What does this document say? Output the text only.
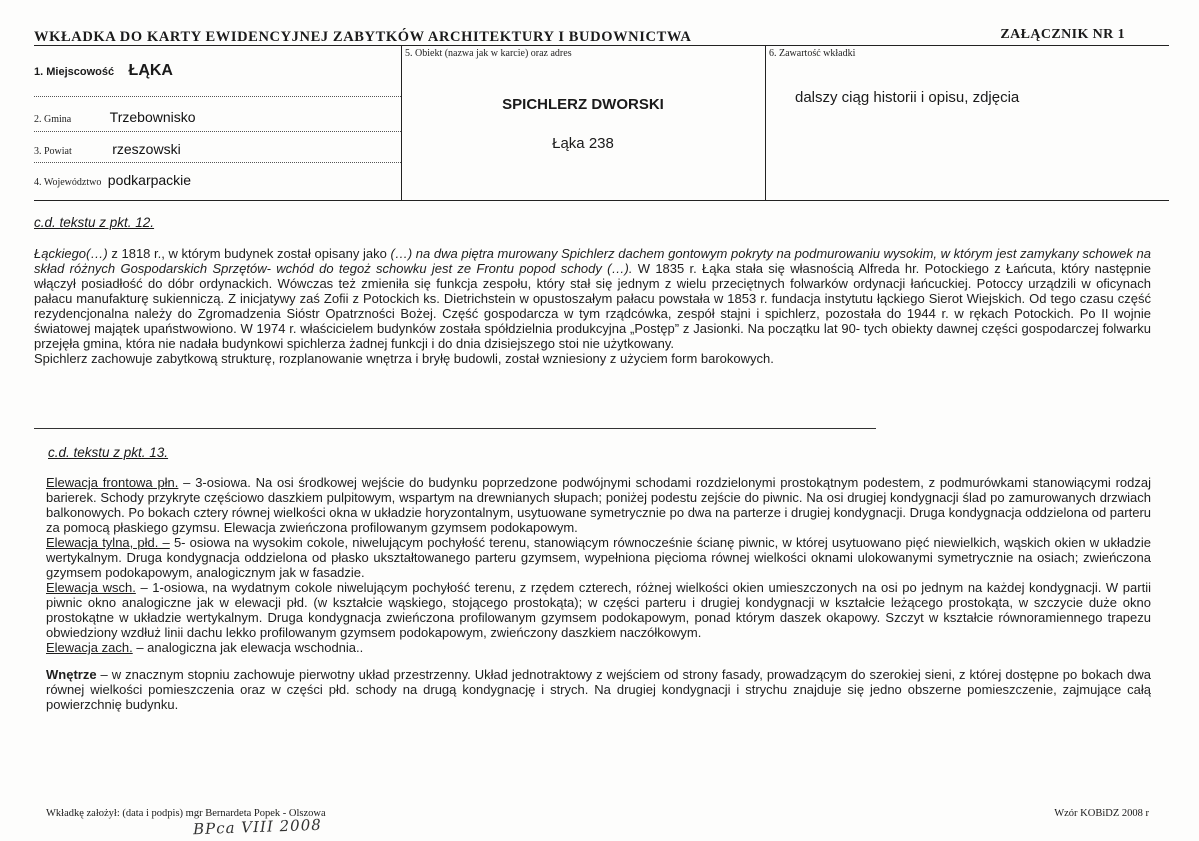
WKŁADKA DO KARTY EWIDENCYJNEJ ZABYTKÓW ARCHITEKTURY I BUDOWNICTWA	ZAŁĄCZNIK NR 1
1. Miejscowość ŁĄKA
2. Gmina	Trzebownisko
3. Powiat	rzeszowski
4. Województwo podkarpackie
5. Obiekt (nazwa jak w karcie) oraz adres
SPICHLERZ DWORSKI
Łąka 238
6. Zawartość wkładki
dalszy ciąg historii i opisu, zdjęcia
c.d. tekstu z pkt. 12.

Łąckiego(…) z 1818 r., w którym budynek został opisany jako (…) na dwa piętra murowany Spichlerz dachem gontowym pokryty na podmurowaniu wysokim, w którym jest zamykany schowek na skład różnych Gospodarskich Sprzętów- wchód do tegoż schowku jest ze Frontu popod schody (…). W 1835 r. Łąka stała się własnością Alfreda hr. Potockiego z Łańcuta, który następnie włączył posiadłość do dóbr ordynackich. Wówczas też zmieniła się funkcja zespołu, który stał się jednym z wielu przeciętnych folwarków ordynacji łańcuckiej. Potoccy urządzili w oficynach pałacu manufakturę sukienniczą. Z inicjatywy zaś Zofii z Potockich ks. Dietrichstein w opustoszałym pałacu powstała w 1853 r. fundacja instytutu łąckiego Sierot Wiejskich. Od tego czasu część rezydencjonalna należy do Zgromadzenia Sióstr Opatrzności Bożej. Część gospodarcza w tym rządcówka, zespół stajni i spichlerz, pozostała do 1944 r. w rękach Potockich. Po II wojnie światowej majątek upaństwowiono. W 1974 r. właścicielem budynków została spółdzielnia produkcyjna „Postęp” z Jasionki. Na początku lat 90- tych obiekty dawnej części gospodarczej folwarku przejęła gmina, która nie nadała budynkowi spichlerza żadnej funkcji i do dnia dzisiejszego stoi nie użytkowany.

Spichlerz zachowuje zabytkową strukturę, rozplanowanie wnętrza i bryłę budowli, został wzniesiony z użyciem form barokowych.

c.d. tekstu z pkt. 13.

Elewacja frontowa płn. – 3-osiowa. Na osi środkowej wejście do budynku poprzedzone podwójnymi schodami rozdzielonymi prostokątnym podestem, z podmurówkami stanowiącymi rodzaj barierek. Schody przykryte częściowo daszkiem pulpitowym, wspartym na drewnianych słupach; poniżej podestu zejście do piwnic. Na osi drugiej kondygnacji ślad po zamurowanych drzwiach balkonowych. Po bokach cztery równej wielkości okna w układzie horyzontalnym, usytuowane symetrycznie po dwa na parterze i drugiej kondygnacji. Druga kondygnacja oddzielona od parteru za pomocą płaskiego gzymsu. Elewacja zwieńczona profilowanym gzymsem podokapowym.

Elewacja tylna, płd. – 5- osiowa na wysokim cokole, niwelującym pochyłość terenu, stanowiącym równocześnie ścianę piwnic, w której usytuowano pięć niewielkich, wąskich okien w układzie wertykalnym. Druga kondygnacja oddzielona od płasko ukształtowanego parteru gzymsem, wypełniona pięcioma równej wielkości oknami ulokowanymi symetrycznie na osiach; zwieńczona gzymsem podokapowym, analogicznym jak w fasadzie.

Elewacja wsch. – 1-osiowa, na wydatnym cokole niwelującym pochyłość terenu, z rzędem czterech, różnej wielkości okien umieszczonych na osi po jednym na każdej kondygnacji. W partii piwnic okno analogiczne jak w elewacji płd. (w kształcie wąskiego, stojącego prostokąta); w części parteru i drugiej kondygnacji w kształcie leżącego prostokąta, w szczycie duże okno prostokątne w układzie wertykalnym. Druga kondygnacja zwieńczona profilowanym gzymsem podokapowym, ponad którym daszek okapowy. Szczyt w kształcie równoramiennego trapezu obwiedziony wzdłuż linii dachu lekko profilowanym gzymsem podokapowym, zwieńczony daszkiem naczółkowym.

Elewacja zach. – analogiczna jak elewacja wschodnia..

Wnętrze – w znacznym stopniu zachowuje pierwotny układ przestrzenny. Układ jednotraktowy z wejściem od strony fasady, prowadzącym do szerokiej sieni, z której dostępne po bokach dwa równej wielkości pomieszczenia oraz w części płd. schody na drugą kondygnację i strych. Na drugiej kondygnacji i strychu znajduje się jedno obszerne pomieszczenie, zajmujące całą powierzchnię budynku.

Wkładkę założył: (data i podpis) mgr Bernardeta Popek - Olszowa
BPca VIII 2008
Wzór KOBiDZ 2008 r
